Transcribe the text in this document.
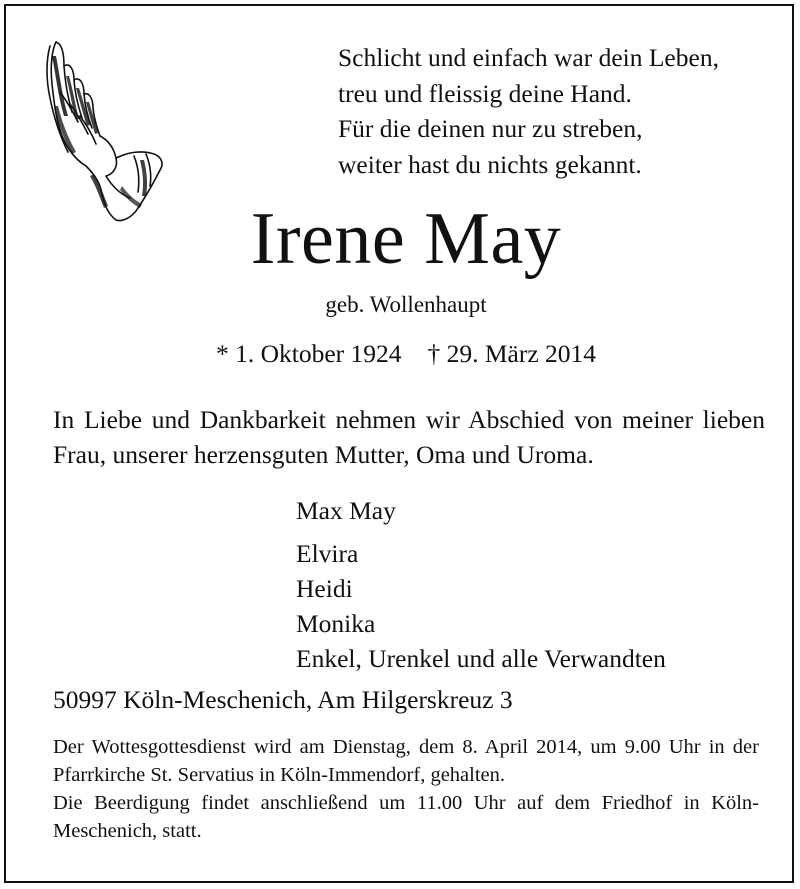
Schlicht und einfach war dein Leben,
treu und fleissig deine Hand.
Für die deinen nur zu streben,
weiter hast du nichts gekannt.
Irene May
geb. Wollenhaupt
* 1. Oktober 1924 † 29. März 2014
In Liebe und Dankbarkeit nehmen wir Abschied von meiner lieben Frau, unserer herzensguten Mutter, Oma und Uroma.
Max May
Elvira
Heidi
Monika
Enkel, Urenkel und alle Verwandten
50997 Köln-Meschenich, Am Hilgerskreuz 3

Der Wottesgottesdienst wird am Dienstag, dem 8. April 2014, um 9.00 Uhr in der Pfarrkirche St. Servatius in Köln-Immendorf, gehalten.

Die Beerdigung findet anschließend um 11.00 Uhr auf dem Friedhof in Köln-Meschenich, statt.
